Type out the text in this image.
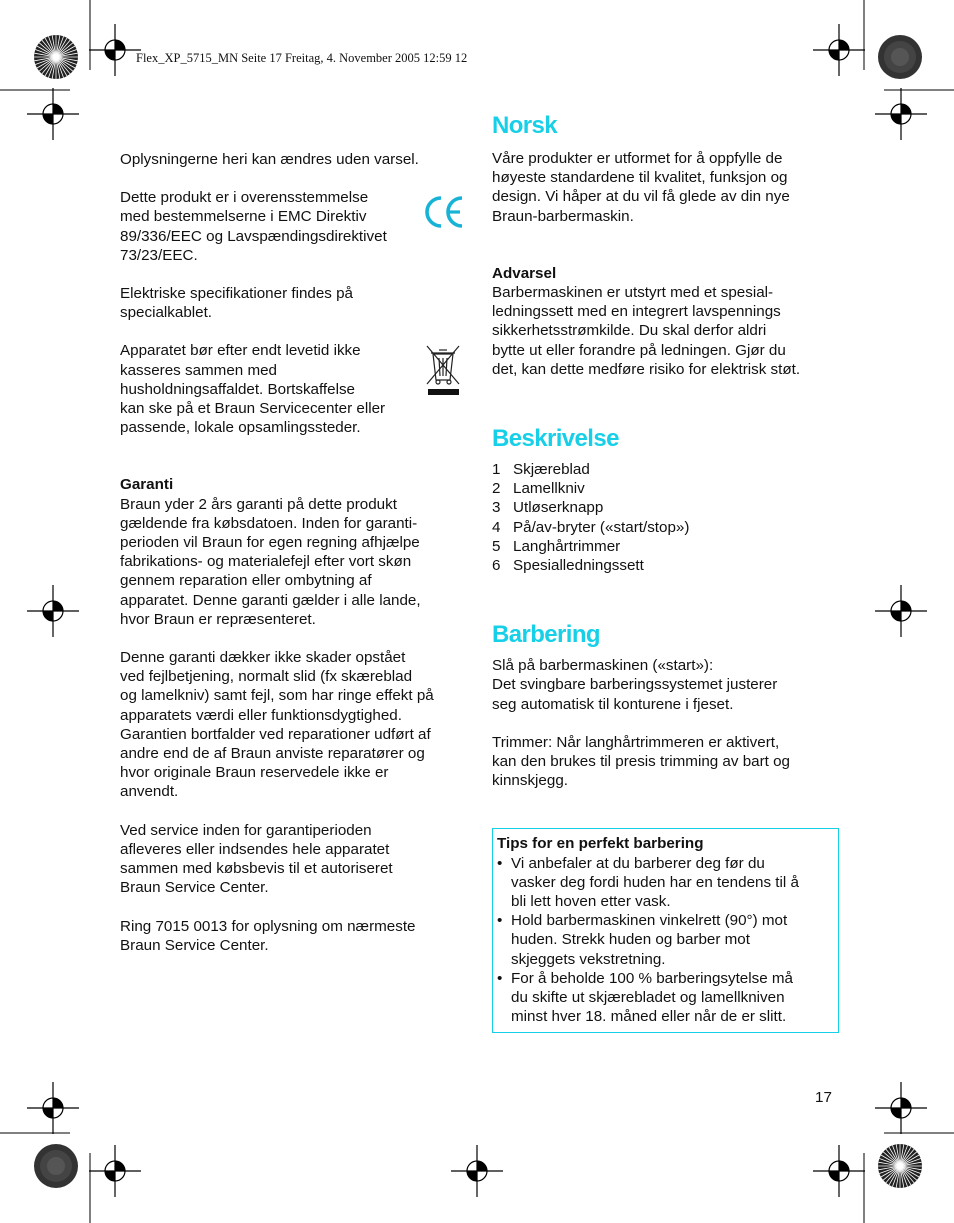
Flex_XP_5715_MN Seite 17 Freitag, 4. November 2005 12:59 12

Oplysningerne heri kan ændres uden varsel.

Dette produkt er i overensstemmelse
med bestemmelserne i EMC Direktiv
89/336/EEC og Lavspændingsdirektivet
73/23/EEC.
Elektriske specifikationer findes på
specialkablet.
Apparatet bør efter endt levetid ikke
kasseres sammen med
husholdningsaffaldet. Bortskaffelse
kan ske på et Braun Servicecenter eller
passende, lokale opsamlingssteder.
Garanti
Braun yder 2 års garanti på dette produkt
gældende fra købsdatoen. Inden for garanti-
perioden vil Braun for egen regning afhjælpe
fabrikations- og materialefejl efter vort skøn
gennem reparation eller ombytning af
apparatet. Denne garanti gælder i alle lande,
hvor Braun er repræsenteret.
Denne garanti dækker ikke skader opstået
ved fejlbetjening, normalt slid (fx skæreblad
og lamelkniv) samt fejl, som har ringe effekt på
apparatets værdi eller funktionsdygtighed.
Garantien bortfalder ved reparationer udført af
andre end de af Braun anviste reparatører og
hvor originale Braun reservedele ikke er
anvendt.
Ved service inden for garantiperioden
afleveres eller indsendes hele apparatet
sammen med købsbevis til et autoriseret
Braun Service Center.
Ring 7015 0013 for oplysning om nærmeste
Braun Service Center.
Norsk
Våre produkter er utformet for å oppfylle de
høyeste standardene til kvalitet, funksjon og
design. Vi håper at du vil få glede av din nye
Braun-barbermaskin.
Advarsel
Barbermaskinen er utstyrt med et spesial-
ledningssett med en integrert lavspennings
sikkerhetsstrømkilde. Du skal derfor aldri
bytte ut eller forandre på ledningen. Gjør du
det, kan dette medføre risiko for elektrisk støt.
Beskrivelse
1 Skjæreblad
2 Lamellkniv
3 Utløserknapp
4 På/av-bryter («start/stop»)
5 Langhårtrimmer
6 Spesialledningssett
Barbering
Slå på barbermaskinen («start»):
Det svingbare barberingssystemet justerer
seg automatisk til konturene i fjeset.
Trimmer: Når langhårtrimmeren er aktivert,
kan den brukes til presis trimming av bart og
kinnskjegg.
Tips for en perfekt barbering
• Vi anbefaler at du barberer deg før du
vasker deg fordi huden har en tendens til å
bli lett hoven etter vask.
• Hold barbermaskinen vinkelrett (90°) mot
huden. Strekk huden og barber mot
skjeggets vekstretning.
• For å beholde 100 % barberingsytelse må
du skifte ut skjærebladet og lamellkniven
minst hver 18. måned eller når de er slitt.
17
